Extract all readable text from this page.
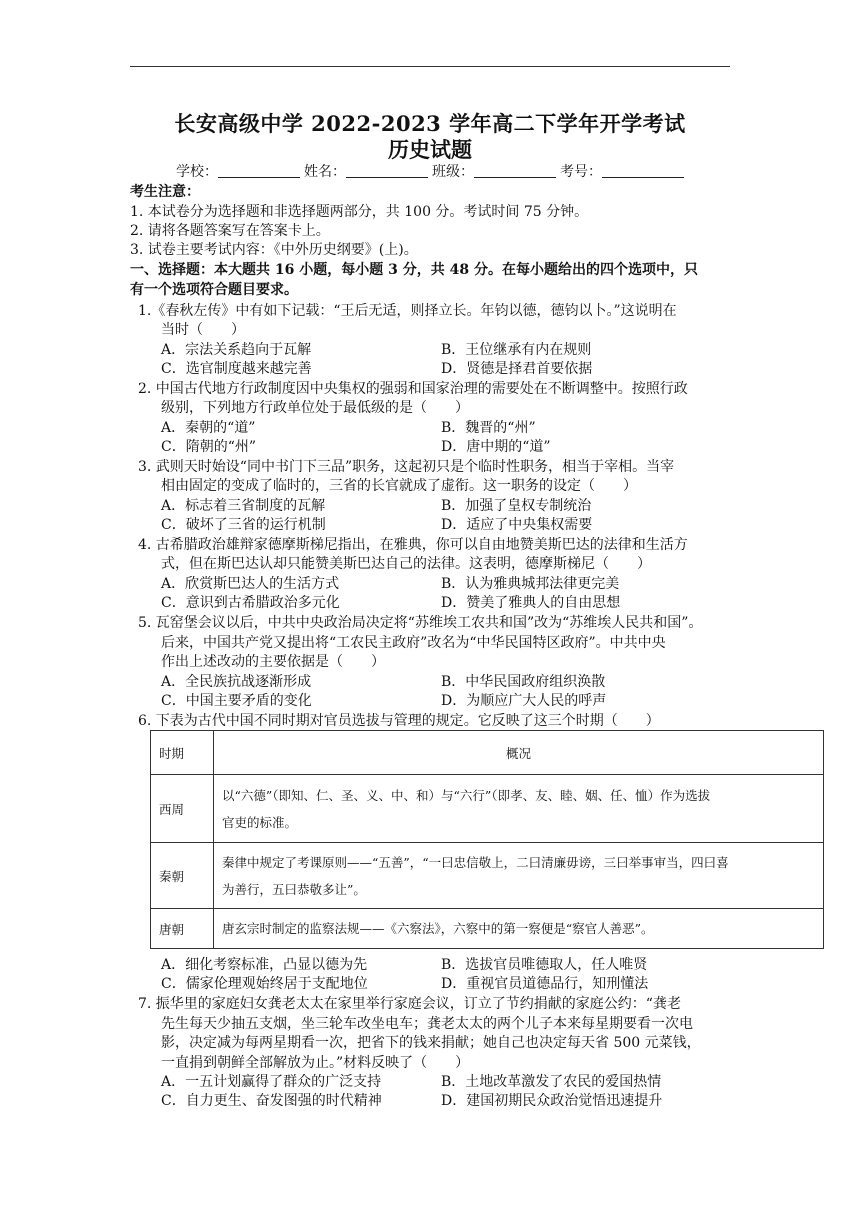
长安高级中学 2022-2023 学年高二下学年开学考试
历史试题
学校：	姓名：	班级：	考号：
考生注意：
1. 本试卷分为选择题和非选择题两部分，共 100 分。考试时间 75 分钟。
2. 请将各题答案写在答案卡上。
3. 试卷主要考试内容：《中外历史纲要》(上)。
一、选择题：本大题共 16 小题，每小题 3 分，共 48 分。在每小题给出的四个选项中，只
有一个选项符合题目要求。
1.《春秋左传》中有如下记载：“王后无适，则择立长。年钧以德，德钧以卜。”这说明在
当时（　　）
A．宗法关系趋向于瓦解	B．王位继承有内在规则
C．选官制度越来越完善	D．贤德是择君首要依据
2. 中国古代地方行政制度因中央集权的强弱和国家治理的需要处在不断调整中。按照行政
级别，下列地方行政单位处于最低级的是（　　）
A．秦朝的“道”	B．魏晋的“州”
C．隋朝的“州”	D．唐中期的“道”
3. 武则天时始设“同中书门下三品”职务，这起初只是个临时性职务，相当于宰相。当宰
相由固定的变成了临时的，三省的长官就成了虚衔。这一职务的设定（　　）
A．标志着三省制度的瓦解	B．加强了皇权专制统治
C．破坏了三省的运行机制	D．适应了中央集权需要
4. 古希腊政治雄辩家德摩斯梯尼指出，在雅典，你可以自由地赞美斯巴达的法律和生活方
式，但在斯巴达认却只能赞美斯巴达自己的法律。这表明，德摩斯梯尼（　　）
A．欣赏斯巴达人的生活方式	B．认为雅典城邦法律更完美
C．意识到古希腊政治多元化	D．赞美了雅典人的自由思想
5. 瓦窑堡会议以后，中共中央政治局决定将“苏维埃工农共和国”改为“苏维埃人民共和国”。
后来，中国共产党又提出将“工农民主政府”改名为“中华民国特区政府”。中共中央
作出上述改动的主要依据是（　　）
A．全民族抗战逐渐形成	B．中华民国政府组织涣散
C．中国主要矛盾的变化	D．为顺应广大人民的呼声
6. 下表为古代中国不同时期对官员选拔与管理的规定。它反映了这三个时期（　　）
时期	概况
西周	以“六德”（即知、仁、圣、义、中、和）与“六行”（即孝、友、睦、姻、任、恤）作为选拔
官吏的标准。

秦朝	秦律中规定了考课原则——“五善”，“一曰忠信敬上，二曰清廉毋谤，三曰举事审当，四曰喜
为善行，五曰恭敬多让”。

唐朝	唐玄宗时制定的监察法规——《六察法》，六察中的第一察便是“察官人善恶”。
A．细化考察标准，凸显以德为先	B．选拔官员唯德取人，任人唯贤
C．儒家伦理观始终居于支配地位	D．重视官员道德品行，知刑懂法
7. 振华里的家庭妇女龚老太太在家里举行家庭会议，订立了节约捐献的家庭公约：“龚老
先生每天少抽五支烟，坐三轮车改坐电车；龚老太太的两个儿子本来每星期要看一次电
影，决定减为每两星期看一次，把省下的钱来捐献；她自己也决定每天省 500 元菜钱，
一直捐到朝鲜全部解放为止。”材料反映了（　　）
A．一五计划赢得了群众的广泛支持	B．土地改革激发了农民的爱国热情
C．自力更生、奋发图强的时代精神	D．建国初期民众政治觉悟迅速提升
